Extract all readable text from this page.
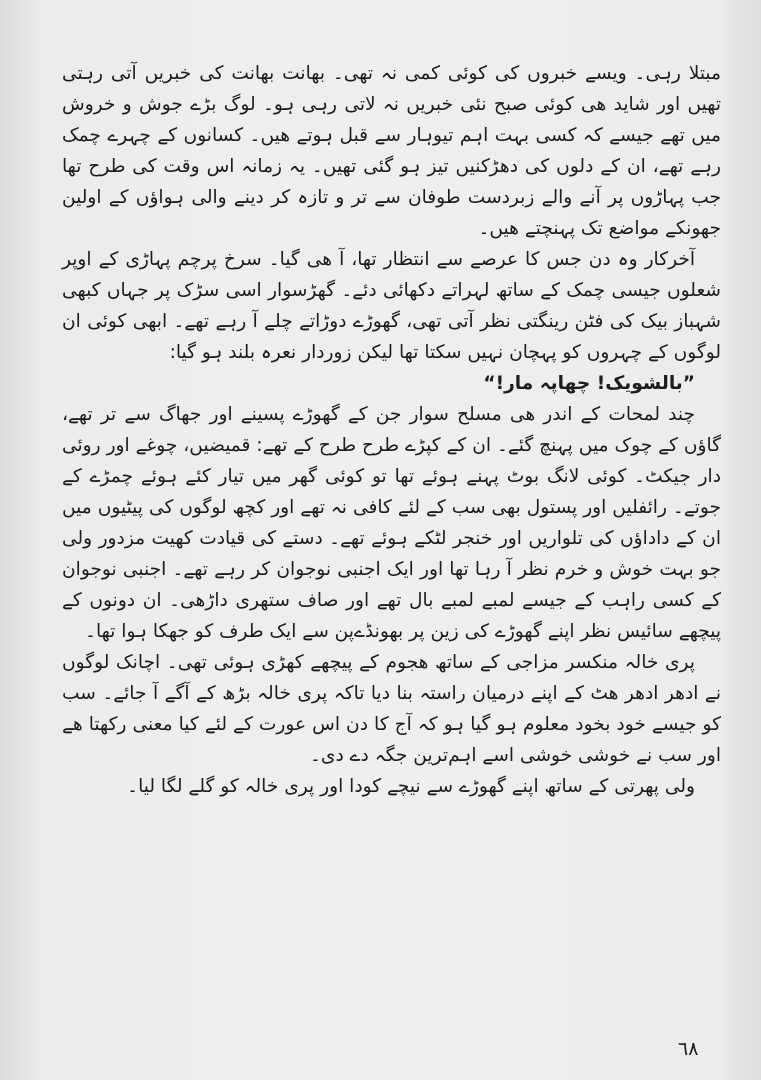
مبتلا رہی۔ ویسے خبروں کی کوئی کمی نہ تھی۔ بھانت بھانت کی خبریں آتی رہتی تھیں اور شاید ھی کوئی صبح نئی خبریں نہ لاتی رہی ہو۔ لوگ بڑے جوش و خروش میں تھے جیسے کہ کسی بہت اہم تیوہار سے قبل ہوتے ھیں۔ کسانوں کے چہرے چمک رہے تھے، ان کے دلوں کی دھڑکنیں تیز ہو گئی تھیں۔ یہ زمانہ اس وقت کی طرح تھا جب پہاڑوں پر آنے والے زبردست طوفان سے تر و تازہ کر دینے والی ہواؤں کے اولین جھونکے مواضع تک پہنچتے ھیں۔

آخرکار وہ دن جس کا عرصے سے انتظار تھا، آ ھی گیا۔ سرخ پرچم پہاڑی کے اوپر شعلوں جیسی چمک کے ساتھ لہراتے دکھائی دئے۔ گھڑسوار اسی سڑک پر جہاں کبھی شہباز بیک کی فٹن رینگتی نظر آتی تھی، گھوڑے دوڑاتے چلے آ رہے تھے۔ ابھی کوئی ان لوگوں کے چہروں کو پہچان نہیں سکتا تھا لیکن زوردار نعرہ بلند ہو گیا:

”بالشویک! چھاپہ مار!“

چند لمحات کے اندر ھی مسلح سوار جن کے گھوڑے پسینے اور جھاگ سے تر تھے، گاؤں کے چوک میں پہنچ گئے۔ ان کے کپڑے طرح طرح کے تھے: قمیضیں، چوغے اور روئی دار جیکٹ۔ کوئی لانگ بوٹ پہنے ہوئے تھا تو کوئی گھر میں تیار کئے ہوئے چمڑے کے جوتے۔ رائفلیں اور پستول بھی سب کے لئے کافی نہ تھے اور کچھ لوگوں کی پیٹیوں میں ان کے داداؤں کی تلواریں اور خنجر لٹکے ہوئے تھے۔ دستے کی قیادت کھیت مزدور ولی جو بہت خوش و خرم نظر آ رہا تھا اور ایک اجنبی نوجوان کر رہے تھے۔ اجنبی نوجوان کے کسی راہب کے جیسے لمبے لمبے بال تھے اور صاف ستھری داڑھی۔ ان دونوں کے پیچھے سائیس نظر اپنے گھوڑے کی زین پر بھونڈے‌پن سے ایک طرف کو جھکا ہوا تھا۔

پری خالہ منکسر مزاجی کے ساتھ ھجوم کے پیچھے کھڑی ہوئی تھی۔ اچانک لوگوں نے ادھر ادھر ھٹ کے اپنے درمیان راستہ بنا دیا تاکہ پری خالہ بڑھ کے آگے آ جائے۔ سب کو جیسے خود بخود معلوم ہو گیا ہو کہ آج کا دن اس عورت کے لئے کیا معنی رکھتا ھے اور سب نے خوشی خوشی اسے اہم‌ترین جگہ دے دی۔

ولی پھرتی کے ساتھ اپنے گھوڑے سے نیچے کودا اور پری خالہ کو گلے لگا لیا۔

٦٨
